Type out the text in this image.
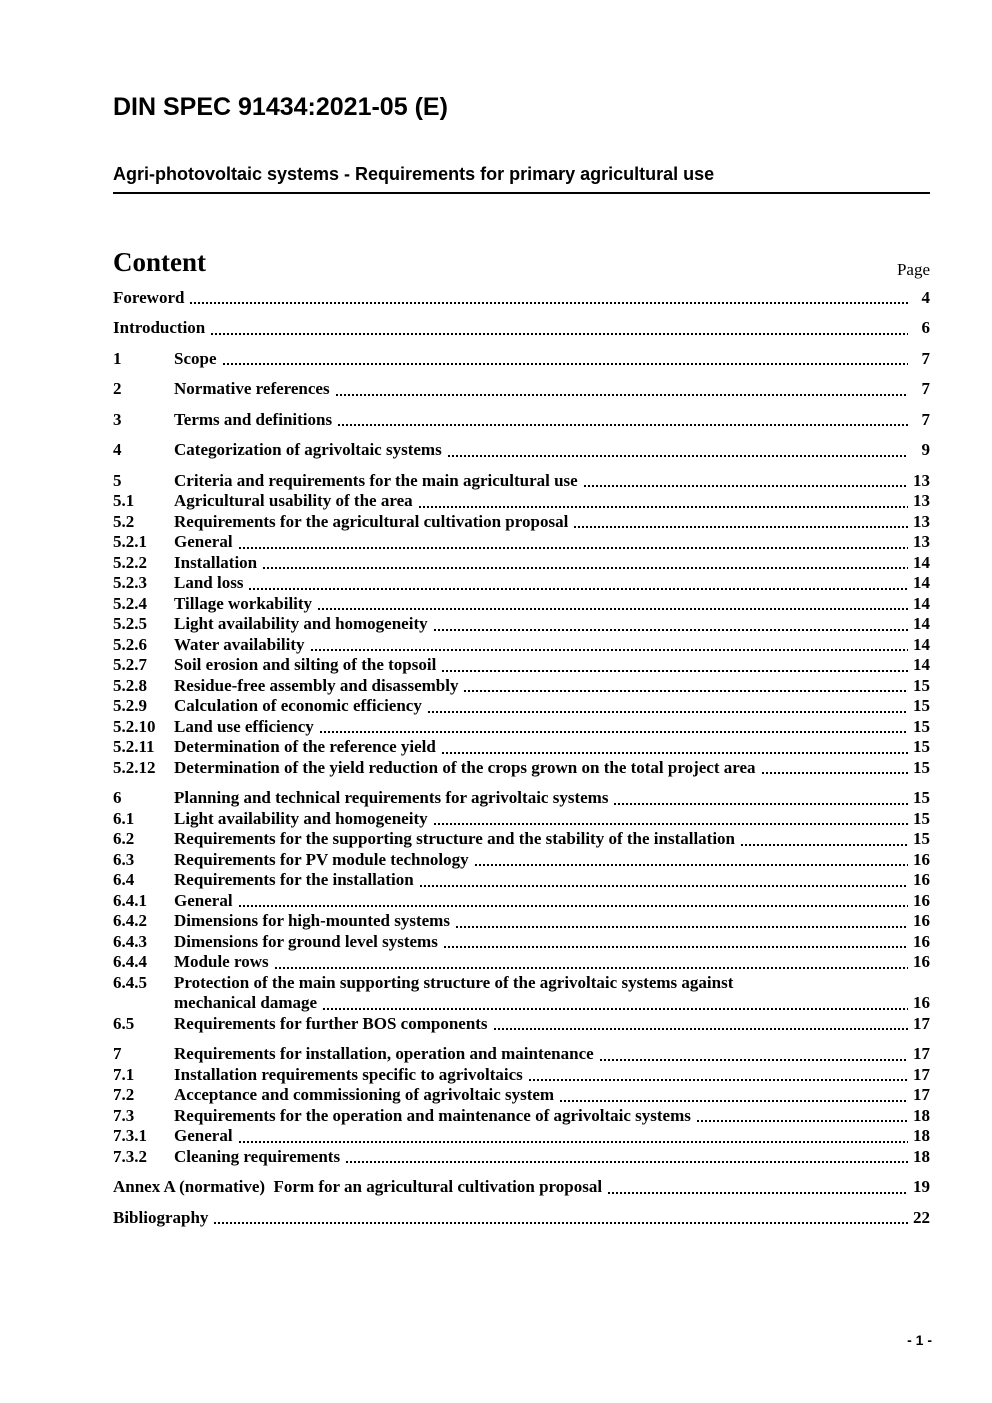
DIN SPEC 91434:2021-05 (E)
Agri-photovoltaic systems - Requirements for primary agricultural use
Content	Page
Foreword	4
Introduction	6
1	Scope	7
2	Normative references	7
3	Terms and definitions	7
4	Categorization of agrivoltaic systems	9
5	Criteria and requirements for the main agricultural use	13
5.1	Agricultural usability of the area	13
5.2	Requirements for the agricultural cultivation proposal	13
5.2.1	General	13
5.2.2	Installation	14
5.2.3	Land loss	14
5.2.4	Tillage workability	14
5.2.5	Light availability and homogeneity	14
5.2.6	Water availability	14
5.2.7	Soil erosion and silting of the topsoil	14
5.2.8	Residue-free assembly and disassembly	15
5.2.9	Calculation of economic efficiency	15
5.2.10	Land use efficiency	15
5.2.11	Determination of the reference yield	15
5.2.12	Determination of the yield reduction of the crops grown on the total project area	15
6	Planning and technical requirements for agrivoltaic systems	15
6.1	Light availability and homogeneity	15
6.2	Requirements for the supporting structure and the stability of the installation	15
6.3	Requirements for PV module technology	16
6.4	Requirements for the installation	16
6.4.1	General	16
6.4.2	Dimensions for high-mounted systems	16
6.4.3	Dimensions for ground level systems	16
6.4.4	Module rows	16
6.4.5	Protection of the main supporting structure of the agrivoltaic systems against
mechanical damage	16
6.5	Requirements for further BOS components	17
7	Requirements for installation, operation and maintenance	17
7.1	Installation requirements specific to agrivoltaics	17
7.2	Acceptance and commissioning of agrivoltaic system	17
7.3	Requirements for the operation and maintenance of agrivoltaic systems	18
7.3.1	General	18
7.3.2	Cleaning requirements	18
Annex A (normative)  Form for an agricultural cultivation proposal	19
Bibliography	22
- 1 -
